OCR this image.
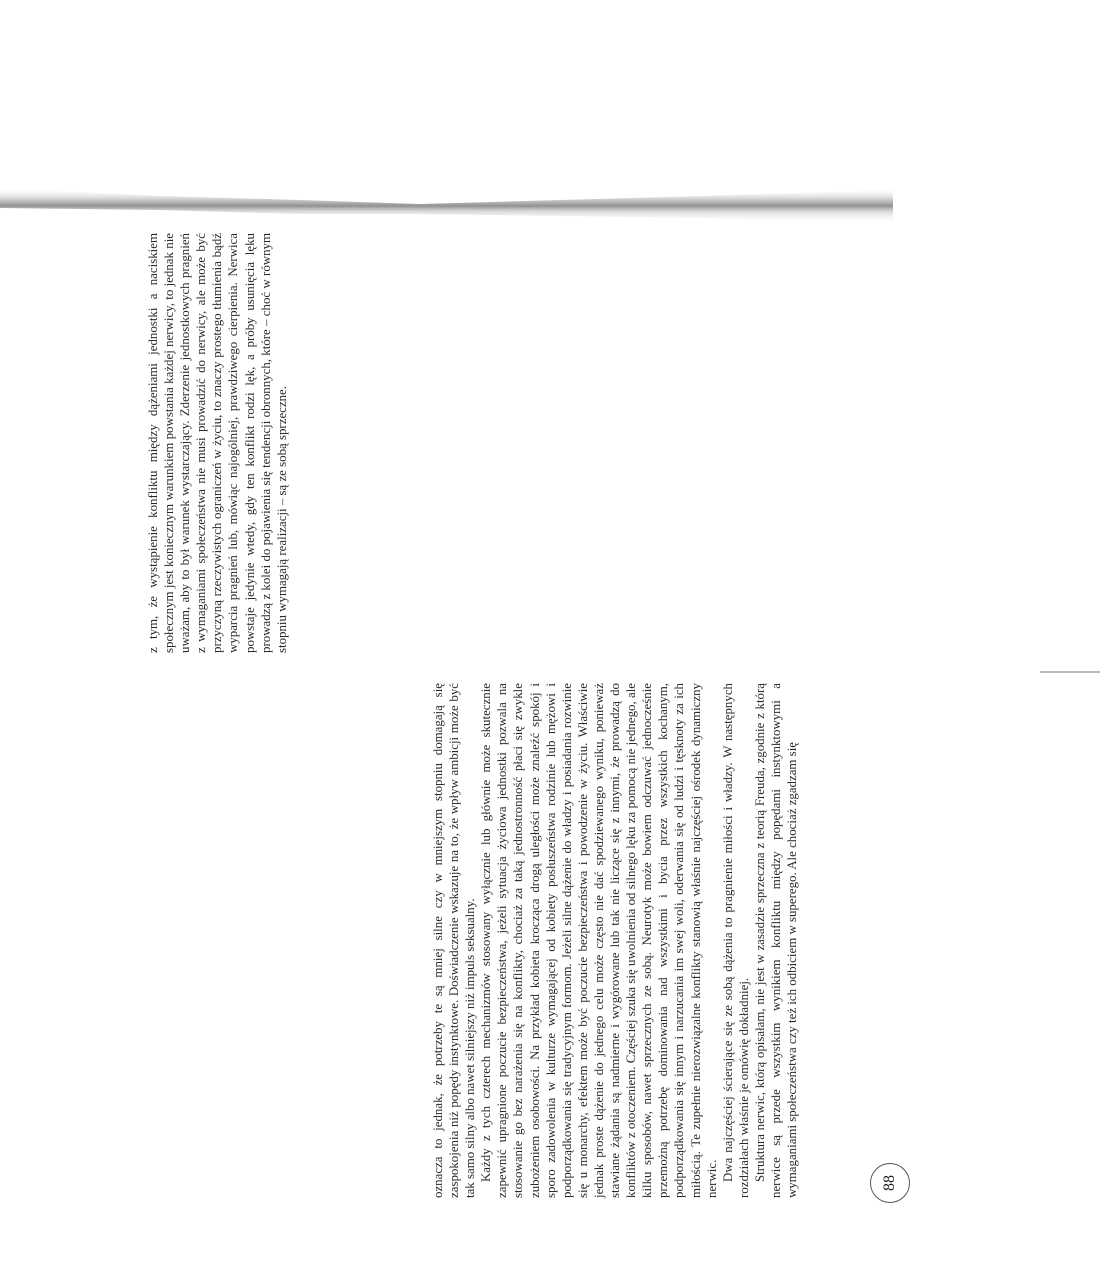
88

oznacza to jednak, że potrzeby te są mniej silne czy w mniejszym stopniu domagają się zaspokojenia niż popędy instynktowe. Doświadczenie wskazuje na to, że wpływ ambicji może być tak samo silny albo nawet silniejszy niż impuls seksualny. Każdy z tych czterech mechanizmów stosowany wyłącznie lub głównie może skutecznie zapewnić upragnione poczucie bezpieczeństwa, jeżeli sytuacja życiowa jednostki pozwala na stosowanie go bez narażenia się na konflikty, chociaż za taką jednostronność płaci się zwykle zubożeniem osobowości. Na przykład kobieta krocząca drogą uległości może znaleźć spokój i sporo zadowolenia w kulturze wymagającej od kobiety posłuszeństwa rodzinie lub mężowi i podporządkowania się tradycyjnym formom. Jeżeli silne dążenie do władzy i posiadania rozwinie się u monarchy, efektem może być poczucie bezpieczeństwa i powodzenie w życiu. Właściwie jednak proste dążenie do jednego celu może często nie dać spodziewanego wyniku, ponieważ stawiane żądania są nadmierne i wygórowane lub tak nie liczące się z innymi, że prowadzą do konfliktów z otoczeniem. Częściej szuka się uwolnienia od silnego lęku za pomocą nie jednego, ale kilku sposobów, nawet sprzecznych ze sobą. Neurotyk może bowiem odczuwać jednocześnie przemożną potrzebę dominowania nad wszystkimi i bycia przez wszystkich kochanym, podporządkowania się innym i narzucania im swej woli, oderwania się od ludzi i tęsknoty za ich miłością. Te zupełnie nierozwiązalne konflikty stanowią właśnie najczęściej ośrodek dynamiczny nerwic. Dwa najczęściej ścierające się ze sobą dążenia to pragnienie miłości i władzy. W następnych rozdziałach właśnie je omówię dokładniej. Struktura nerwic, którą opisałam, nie jest w zasadzie sprzeczna z teorią Freuda, zgodnie z którą nerwice są przede wszystkim wynikiem konfliktu między popędami instynktowymi a wymaganiami społeczeństwa czy też ich odbiciem w superego. Ale chociaż zgadzam się

z tym, że wystąpienie konfliktu między dążeniami jednostki a naciskiem społecznym jest koniecznym warunkiem powstania każdej nerwicy, to jednak nie uważam, aby to był warunek wystarczający. Zderzenie jednostkowych pragnień z wymaganiami społeczeństwa nie musi prowadzić do nerwicy, ale może być przyczyną rzeczywistych ograniczeń w życiu, to znaczy prostego tłumienia bądź wyparcia pragnień lub, mówiąc najogólniej, prawdziwego cierpienia. Nerwica powstaje jedynie wtedy, gdy ten konflikt rodzi lęk, a próby usunięcia lęku prowadzą z kolei do pojawienia się tendencji obronnych, które – choć w równym stopniu wymagają realizacji – są ze sobą sprzeczne.
